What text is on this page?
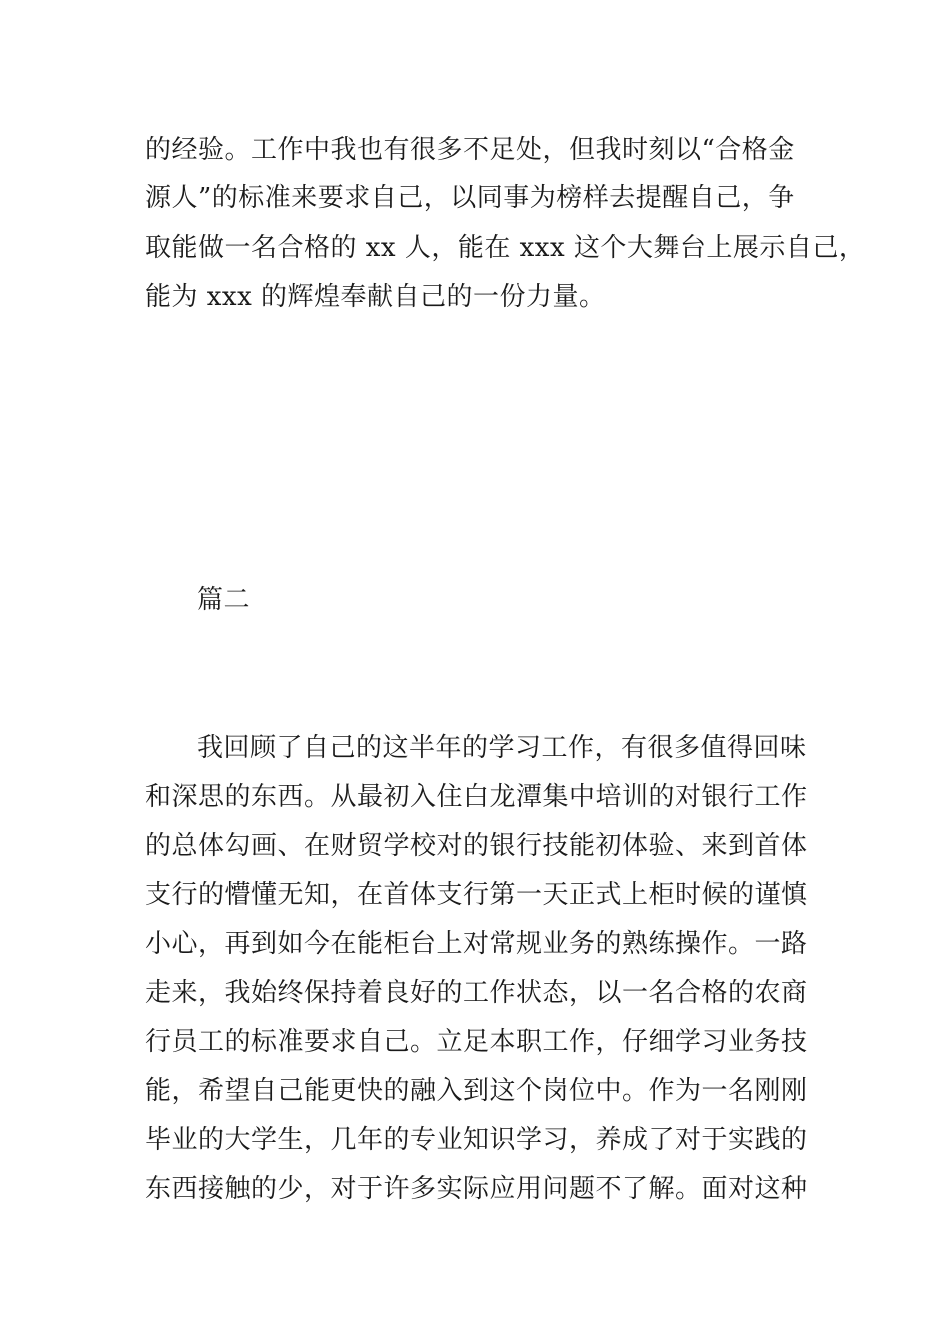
的经验。工作中我也有很多不足处，但我时刻以“合格金
源人”的标准来要求自己，以同事为榜样去提醒自己，争
取能做一名合格的 xx 人，能在 xxx 这个大舞台上展示自己，
能为 xxx 的辉煌奉献自己的一份力量。
篇二
我回顾了自己的这半年的学习工作，有很多值得回味
和深思的东西。从最初入住白龙潭集中培训的对银行工作
的总体勾画、在财贸学校对的银行技能初体验、来到首体
支行的懵懂无知，在首体支行第一天正式上柜时候的谨慎
小心，再到如今在能柜台上对常规业务的熟练操作。一路
走来，我始终保持着良好的工作状态，以一名合格的农商
行员工的标准要求自己。立足本职工作，仔细学习业务技
能，希望自己能更快的融入到这个岗位中。作为一名刚刚
毕业的大学生，几年的专业知识学习，养成了对于实践的
东西接触的少，对于许多实际应用问题不了解。面对这种
